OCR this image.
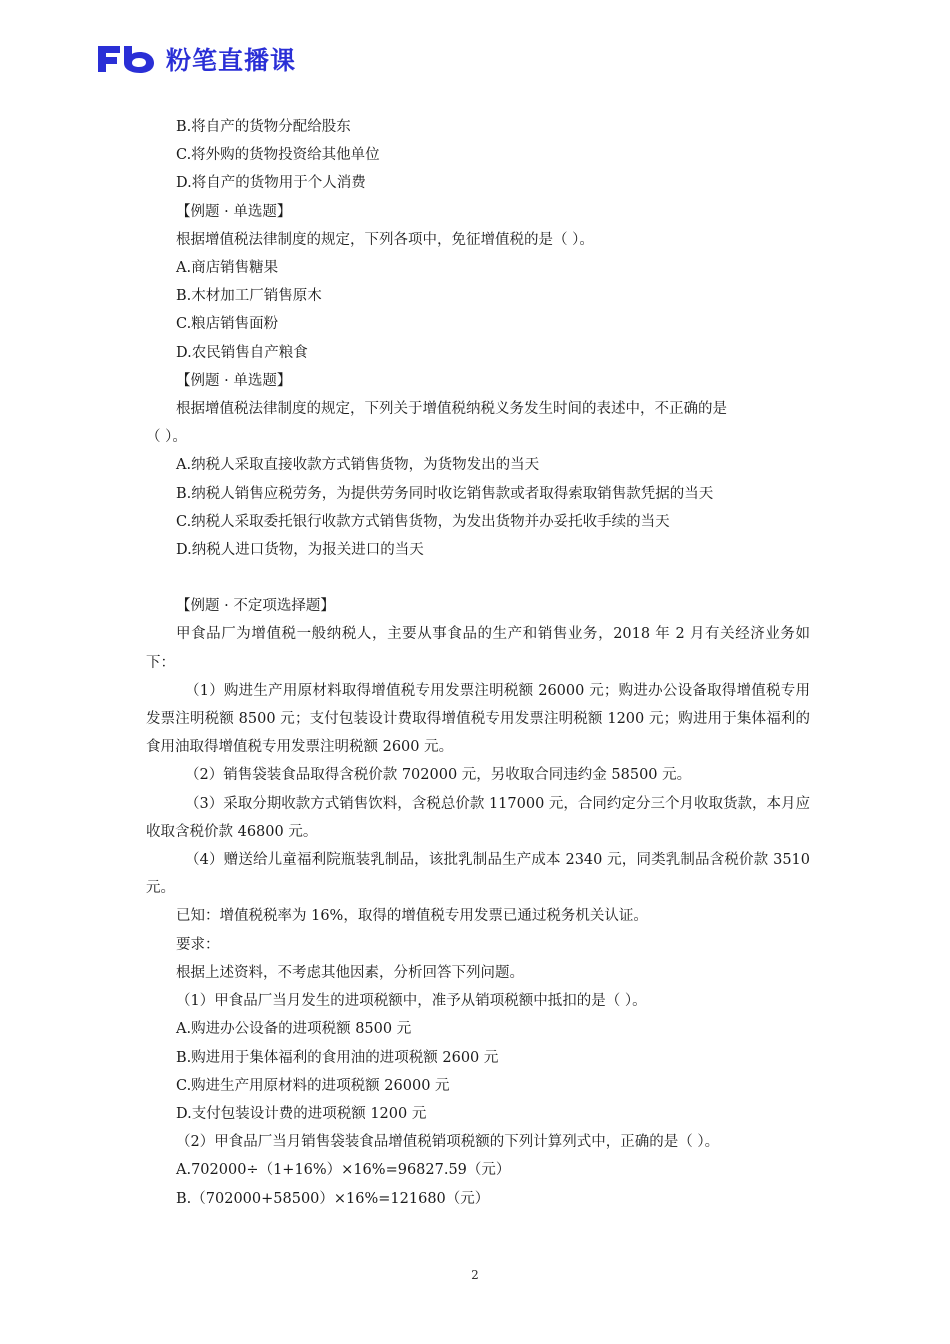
粉笔直播课
B.将自产的货物分配给股东
C.将外购的货物投资给其他单位
D.将自产的货物用于个人消费
【例题 · 单选题】
根据增值税法律制度的规定，下列各项中，免征增值税的是（ ）。
A.商店销售糖果
B.木材加工厂销售原木
C.粮店销售面粉
D.农民销售自产粮食
【例题 · 单选题】
根据增值税法律制度的规定，下列关于增值税纳税义务发生时间的表述中，不正确的是
（ ）。
A.纳税人采取直接收款方式销售货物，为货物发出的当天
B.纳税人销售应税劳务，为提供劳务同时收讫销售款或者取得索取销售款凭据的当天
C.纳税人采取委托银行收款方式销售货物，为发出货物并办妥托收手续的当天
D.纳税人进口货物，为报关进口的当天
【例题 · 不定项选择题】
甲食品厂为增值税一般纳税人，主要从事食品的生产和销售业务，2018 年 2 月有关经济业务如下：
（1）购进生产用原材料取得增值税专用发票注明税额 26000 元；购进办公设备取得增值税专用发票注明税额 8500 元；支付包装设计费取得增值税专用发票注明税额 1200 元；购进用于集体福利的食用油取得增值税专用发票注明税额 2600 元。
（2）销售袋装食品取得含税价款 702000 元，另收取合同违约金 58500 元。
（3）采取分期收款方式销售饮料，含税总价款 117000 元，合同约定分三个月收取货款，本月应收取含税价款 46800 元。
（4）赠送给儿童福利院瓶装乳制品，该批乳制品生产成本 2340 元，同类乳制品含税价款 3510 元。
已知：增值税税率为 16%，取得的增值税专用发票已通过税务机关认证。
要求：
根据上述资料，不考虑其他因素，分析回答下列问题。
（1）甲食品厂当月发生的进项税额中，准予从销项税额中抵扣的是（ ）。
A.购进办公设备的进项税额 8500 元
B.购进用于集体福利的食用油的进项税额 2600 元
C.购进生产用原材料的进项税额 26000 元
D.支付包装设计费的进项税额 1200 元
（2）甲食品厂当月销售袋装食品增值税销项税额的下列计算列式中，正确的是（ ）。
A.702000÷（1+16%）×16%=96827.59（元）
B.（702000+58500）×16%=121680（元）
2
